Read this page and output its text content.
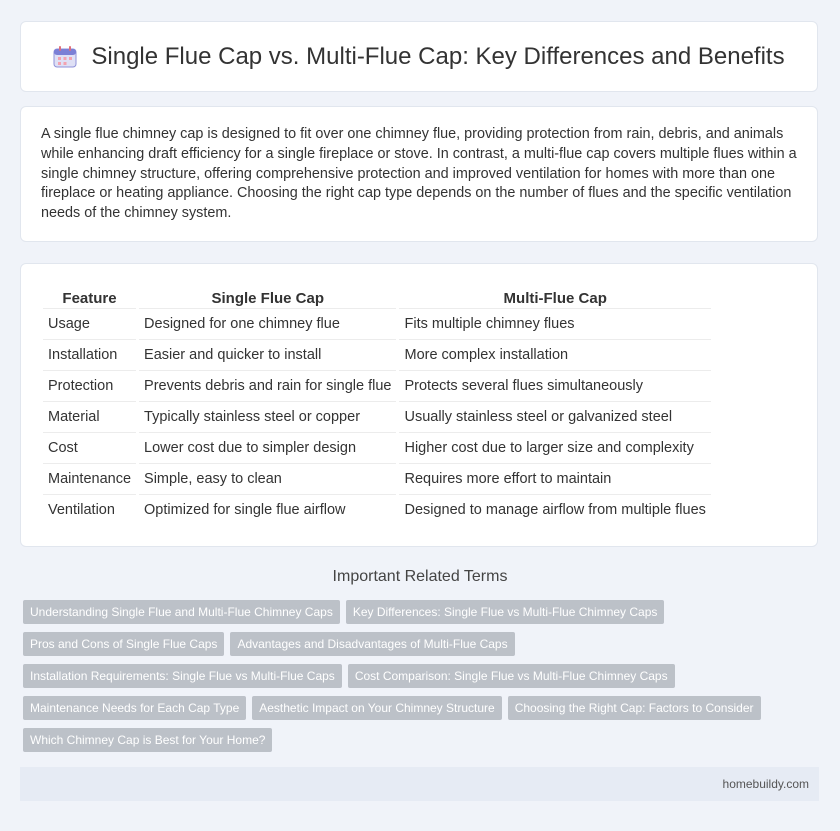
Single Flue Cap vs. Multi-Flue Cap: Key Differences and Benefits

A single flue chimney cap is designed to fit over one chimney flue, providing protection from rain, debris, and animals while enhancing draft efficiency for a single fireplace or stove. In contrast, a multi-flue cap covers multiple flues within a single chimney structure, offering comprehensive protection and improved ventilation for homes with more than one fireplace or heating appliance. Choosing the right cap type depends on the number of flues and the specific ventilation needs of the chimney system.

Feature	Single Flue Cap	Multi-Flue Cap
Usage	Designed for one chimney flue	Fits multiple chimney flues
Installation	Easier and quicker to install	More complex installation
Protection	Prevents debris and rain for single flue	Protects several flues simultaneously
Material	Typically stainless steel or copper	Usually stainless steel or galvanized steel
Cost	Lower cost due to simpler design	Higher cost due to larger size and complexity
Maintenance	Simple, easy to clean	Requires more effort to maintain
Ventilation	Optimized for single flue airflow	Designed to manage airflow from multiple flues
Important Related Terms
Understanding Single Flue and Multi-Flue Chimney Caps Key Differences: Single Flue vs Multi-Flue Chimney Caps
Pros and Cons of Single Flue Caps Advantages and Disadvantages of Multi-Flue Caps
Installation Requirements: Single Flue vs Multi-Flue Caps Cost Comparison: Single Flue vs Multi-Flue Chimney Caps
Maintenance Needs for Each Cap Type Aesthetic Impact on Your Chimney Structure Choosing the Right Cap: Factors to Consider
Which Chimney Cap is Best for Your Home?
homebuildy.com
